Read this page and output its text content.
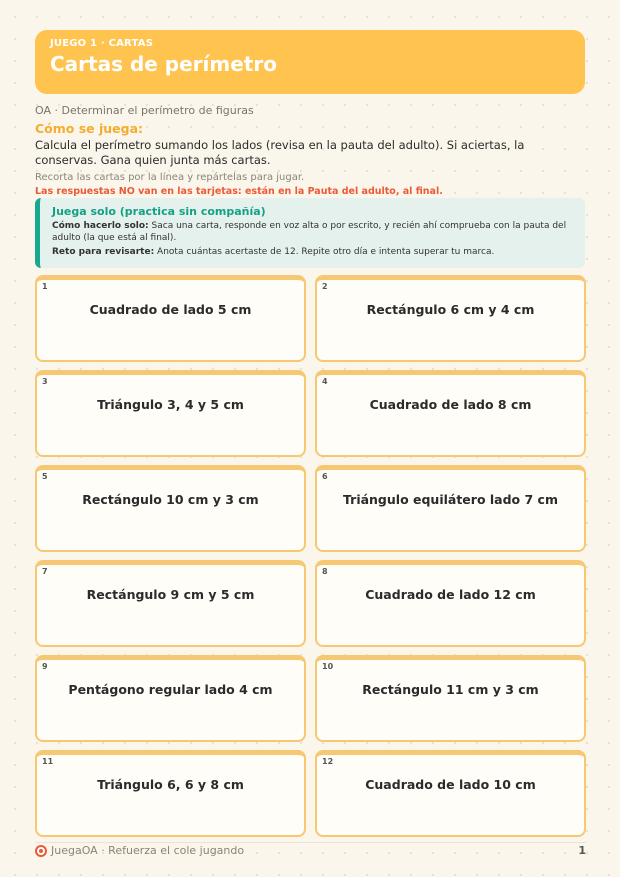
JUEGO 1 · CARTAS
Cartas de perímetro
OA · Determinar el perímetro de figuras
Cómo se juega:
Calcula el perímetro sumando los lados (revisa en la pauta del adulto). Si aciertas, la conservas. Gana quien junta más cartas.
Recorta las cartas por la línea y repártelas para jugar.
Las respuestas NO van en las tarjetas: están en la Pauta del adulto, al final.
Juega solo (practica sin compañía)
Cómo hacerlo solo: Saca una carta, responde en voz alta o por escrito, y recién ahí comprueba con la pauta del adulto (la que está al final).
Reto para revisarte: Anota cuántas acertaste de 12. Repite otro día e intenta superar tu marca.
1
Cuadrado de lado 5 cm
2
Rectángulo 6 cm y 4 cm
3
Triángulo 3, 4 y 5 cm
4
Cuadrado de lado 8 cm
5
Rectángulo 10 cm y 3 cm
6
Triángulo equilátero lado 7 cm
7
Rectángulo 9 cm y 5 cm
8
Cuadrado de lado 12 cm
9
Pentágono regular lado 4 cm
10
Rectángulo 11 cm y 3 cm
11
Triángulo 6, 6 y 8 cm
12
Cuadrado de lado 10 cm
JuegaOA · Refuerza el cole jugando	1
